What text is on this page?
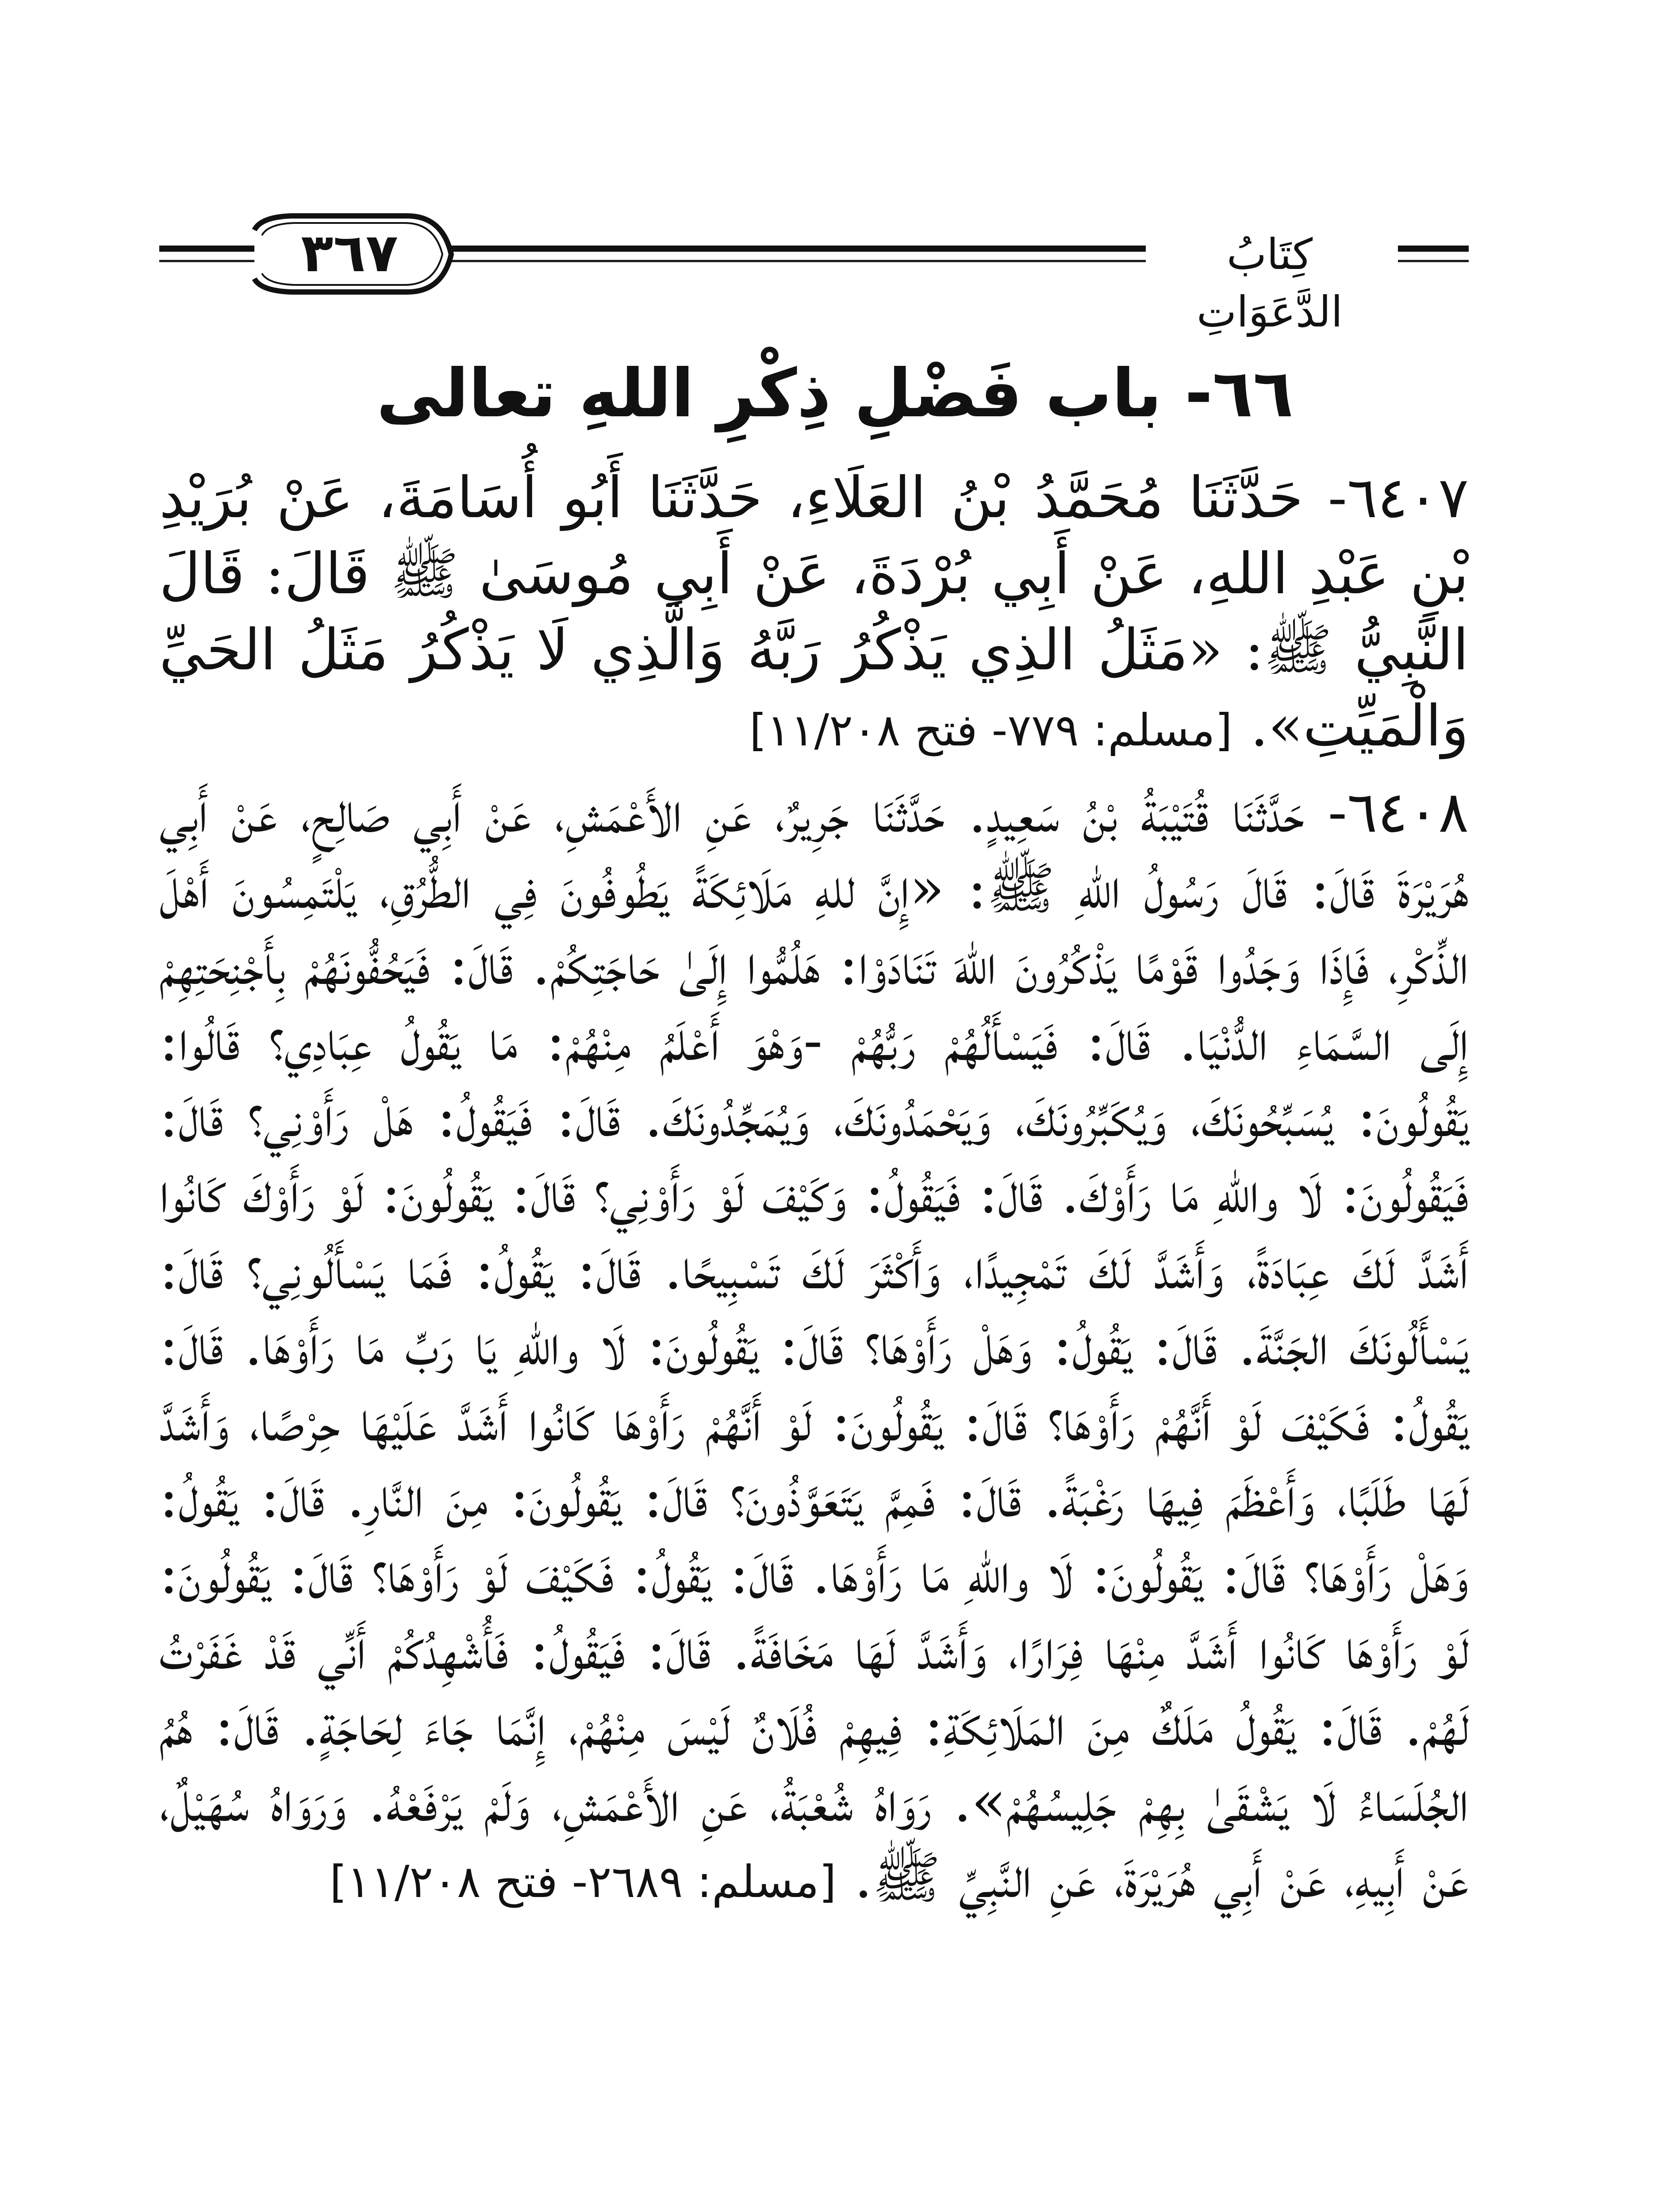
٣٦٧	كِتَابُ الدَّعَوَاتِ
٦٦- باب فَضْلِ ذِكْرِ اللهِ تعالى

٦٤٠٧- حَدَّثَنَا مُحَمَّدُ بْنُ العَلَاءِ، حَدَّثَنَا أَبُو أُسَامَةَ، عَنْ بُرَيْدِ بْنِ عَبْدِ اللهِ، عَنْ أَبِي بُرْدَةَ، عَنْ أَبِي مُوسَىٰ ﷺ قَالَ: قَالَ النَّبِيُّ ﷺ: «مَثَلُ الذِي يَذْكُرُ رَبَّهُ وَالَّذِي لَا يَذْكُرُ مَثَلُ الحَيِّ وَالْمَيِّتِ». [مسلم: ٧٧٩- فتح ١١/٢٠٨]

٦٤٠٨- حَدَّثَنَا قُتَيْبَةُ بْنُ سَعِيدٍ. حَدَّثَنَا جَرِيرٌ، عَنِ الأَعْمَشِ، عَنْ أَبِي صَالِحٍ، عَنْ أَبِي هُرَيْرَةَ قَالَ: قَالَ رَسُولُ اللهِ ﷺ: «إِنَّ للهِ مَلَائِكَةً يَطُوفُونَ فِي الطُّرُقِ، يَلْتَمِسُونَ أَهْلَ الذِّكْرِ، فَإِذَا وَجَدُوا قَوْمًا يَذْكُرُونَ اللهَ تَنَادَوْا: هَلُمُّوا إِلَىٰ حَاجَتِكُمْ. قَالَ: فَيَحُفُّونَهُمْ بِأَجْنِحَتِهِمْ إِلَى السَّمَاءِ الدُّنْيَا. قَالَ: فَيَسْأَلُهُمْ رَبُّهُمْ -وَهْوَ أَعْلَمُ مِنْهُمْ: مَا يَقُولُ عِبَادِي؟ قَالُوا: يَقُولُونَ: يُسَبِّحُونَكَ، وَيُكَبِّرُونَكَ، وَيَحْمَدُونَكَ، وَيُمَجِّدُونَكَ. قَالَ: فَيَقُولُ: هَلْ رَأَوْنِي؟ قَالَ: فَيَقُولُونَ: لَا واللهِ مَا رَأَوْكَ. قَالَ: فَيَقُولُ: وَكَيْفَ لَوْ رَأَوْنِي؟ قَالَ: يَقُولُونَ: لَوْ رَأَوْكَ كَانُوا أَشَدَّ لَكَ عِبَادَةً، وَأَشَدَّ لَكَ تَمْجِيدًا، وَأَكْثَرَ لَكَ تَسْبِيحًا. قَالَ: يَقُولُ: فَمَا يَسْأَلُونِي؟ قَالَ: يَسْأَلُونَكَ الجَنَّةَ. قَالَ: يَقُولُ: وَهَلْ رَأَوْهَا؟ قَالَ: يَقُولُونَ: لَا واللهِ يَا رَبِّ مَا رَأَوْهَا. قَالَ: يَقُولُ: فَكَيْفَ لَوْ أَنَّهُمْ رَأَوْهَا؟ قَالَ: يَقُولُونَ: لَوْ أَنَّهُمْ رَأَوْهَا كَانُوا أَشَدَّ عَلَيْهَا حِرْصًا، وَأَشَدَّ لَهَا طَلَبًا، وَأَعْظَمَ فِيهَا رَغْبَةً. قَالَ: فَمِمَّ يَتَعَوَّذُونَ؟ قَالَ: يَقُولُونَ: مِنَ النَّارِ. قَالَ: يَقُولُ: وَهَلْ رَأَوْهَا؟ قَالَ: يَقُولُونَ: لَا واللهِ مَا رَأَوْهَا. قَالَ: يَقُولُ: فَكَيْفَ لَوْ رَأَوْهَا؟ قَالَ: يَقُولُونَ: لَوْ رَأَوْهَا كَانُوا أَشَدَّ مِنْهَا فِرَارًا، وَأَشَدَّ لَهَا مَخَافَةً. قَالَ: فَيَقُولُ: فَأُشْهِدُكُمْ أَنِّي قَدْ غَفَرْتُ لَهُمْ. قَالَ: يَقُولُ مَلَكٌ مِنَ المَلَائِكَةِ: فِيهِمْ فُلَانٌ لَيْسَ مِنْهُمْ، إِنَّمَا جَاءَ لِحَاجَةٍ. قَالَ: هُمُ الجُلَسَاءُ لَا يَشْقَىٰ بِهِمْ جَلِيسُهُمْ». رَوَاهُ شُعْبَةُ، عَنِ الأَعْمَشِ، وَلَمْ يَرْفَعْهُ. وَرَوَاهُ سُهَيْلٌ، عَنْ أَبِيهِ، عَنْ أَبِي هُرَيْرَةَ، عَنِ النَّبِيِّ ﷺ. [مسلم: ٢٦٨٩- فتح ١١/٢٠٨]
